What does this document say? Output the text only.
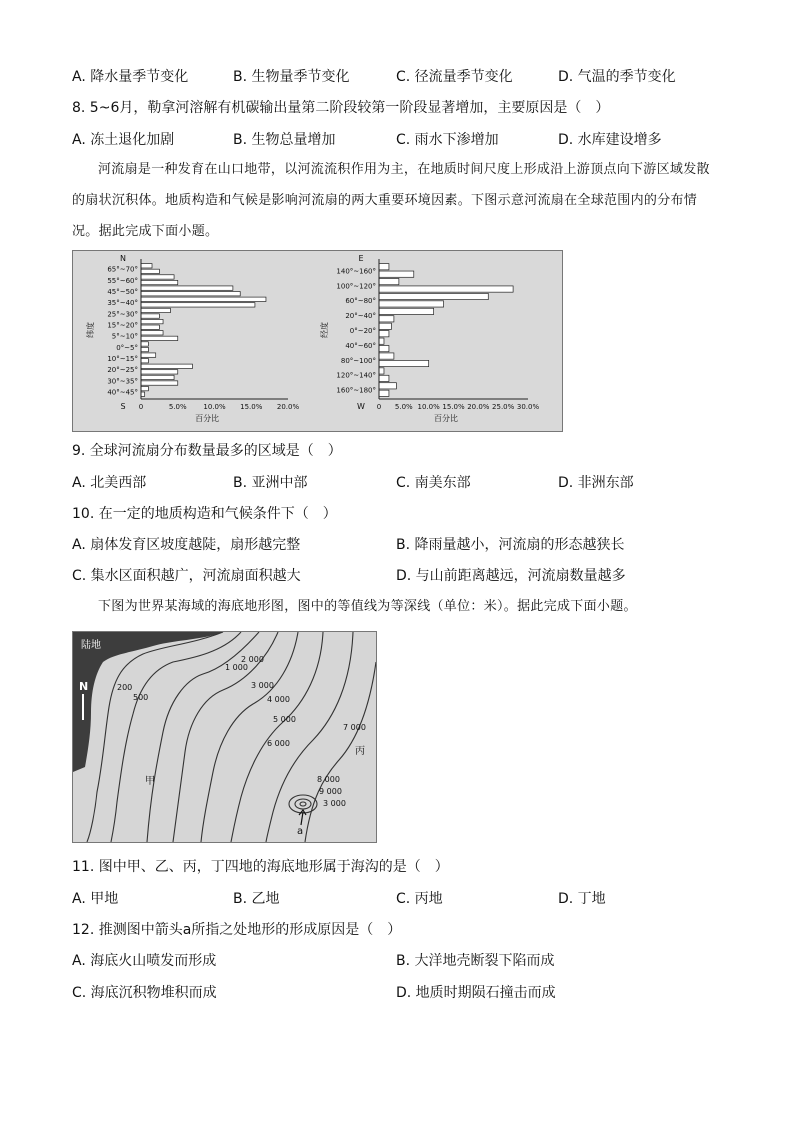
A. 降水量季节变化	B. 生物量季节变化	C. 径流量季节变化	D. 气温的季节变化
8. 5~6月，勒拿河溶解有机碳输出量第二阶段较第一阶段显著增加，主要原因是（　）
A. 冻土退化加剧	B. 生物总量增加	C. 雨水下渗增加	D. 水库建设增多
河流扇是一种发育在山口地带，以河流流积作用为主，在地质时间尺度上形成沿上游顶点向下游区域发散的扇状沉积体。地质构造和气候是影响河流扇的两大重要环境因素。下图示意河流扇在全球范围内的分布情况。据此完成下面小题。
65°~70°
55°~60°
45°~50°
35°~40°
25°~30°
15°~20°
5°~10°
0°~5°
10°~15°
20°~25°
30°~35°
40°~45°
0	5.0% 10.0% 15.0% 20.0%
N
S
纬度
百分比
140°~160°
100°~120°
60°~80°
20°~40°
0°~20°
40°~60°
80°~100°
120°~140°
160°~180°
0 5.0% 10.0% 15.0% 20.0% 25.0% 30.0%
E
W
经度
百分比
9. 全球河流扇分布数量最多的区域是（　）
A. 北美西部	B. 亚洲中部	C. 南美东部	D. 非洲东部
10. 在一定的地质构造和气候条件下（　）
A. 扇体发育区坡度越陡，扇形越完整	B. 降雨量越小，河流扇的形态越狭长
C. 集水区面积越广，河流扇面积越大	D. 与山前距离越远，河流扇数量越多
下图为世界某海域的海底地形图，图中的等值线为等深线（单位：米）。据此完成下面小题。
陆地
N	200
500
1 000
2 000
3 000
4 000
5 000
6 000
7 000
8 000
9 000
3 000
甲
丙
a
11. 图中甲、乙、丙，丁四地的海底地形属于海沟的是（　）
A. 甲地	B. 乙地	C. 丙地	D. 丁地
12. 推测图中箭头a所指之处地形的形成原因是（　）
A. 海底火山喷发而形成	B. 大洋地壳断裂下陷而成
C. 海底沉积物堆积而成	D. 地质时期陨石撞击而成
